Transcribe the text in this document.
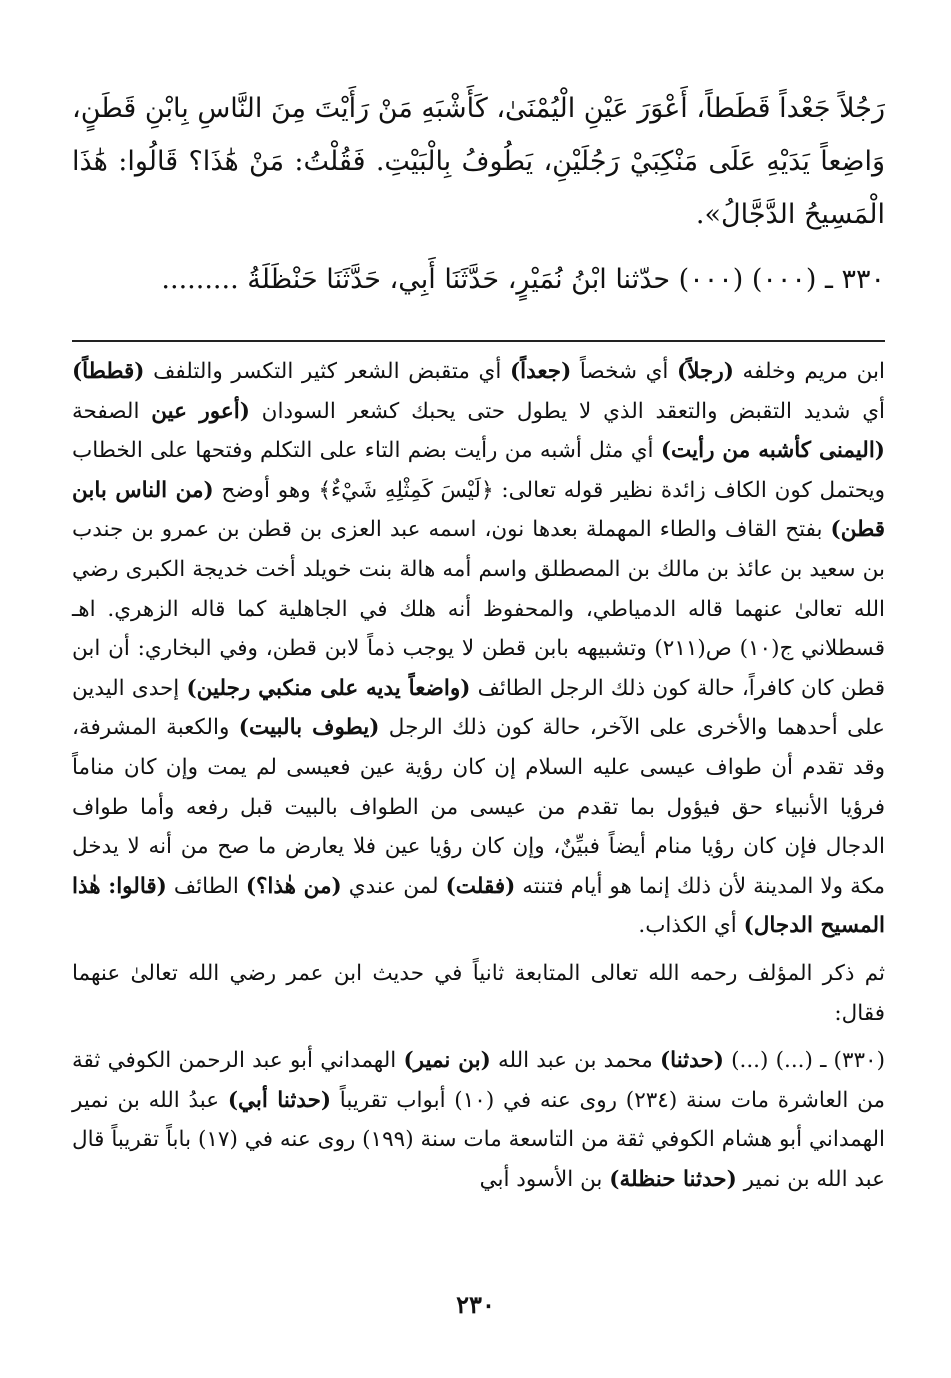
رَجُلاً جَعْداً قَطَطاً، أَعْوَرَ عَيْنِ الْيُمْنَىٰ، كَأَشْبَهِ مَنْ رَأَيْتَ مِنَ النَّاسِ بِابْنِ قَطَنٍ، وَاضِعاً يَدَيْهِ عَلَى مَنْكِبَيْ رَجُلَيْنِ، يَطُوفُ بِالْبَيْتِ. فَقُلْتُ: مَنْ هَٰذَا؟ قَالُوا: هَٰذَا الْمَسِيحُ الدَّجَّالُ».

٣٣٠ ـ (٠٠٠) (٠٠٠) حدّثنا ابْنُ نُمَيْرٍ، حَدَّثَنَا أَبِي، حَدَّثَنَا حَنْظَلَةُ .........

ابن مريم وخلفه (رجلاً) أي شخصاً (جعداً) أي متقبض الشعر كثير التكسر والتلفف (قططاً) أي شديد التقبض والتعقد الذي لا يطول حتى يحبك كشعر السودان (أعور عين الصفحة (اليمنى كأشبه من رأيت) أي مثل أشبه من رأيت بضم التاء على التكلم وفتحها على الخطاب ويحتمل كون الكاف زائدة نظير قوله تعالى: ﴿لَيْسَ كَمِثْلِهِ شَيْءٌ﴾ وهو أوضح (من الناس بابن قطن) بفتح القاف والطاء المهملة بعدها نون، اسمه عبد العزى بن قطن بن عمرو بن جندب بن سعيد بن عائذ بن مالك بن المصطلق واسم أمه هالة بنت خويلد أخت خديجة الكبرى رضي الله تعالىٰ عنهما قاله الدمياطي، والمحفوظ أنه هلك في الجاهلية كما قاله الزهري. اهـ قسطلاني ج(١٠) ص(٢١١) وتشبيهه بابن قطن لا يوجب ذماً لابن قطن، وفي البخاري: أن ابن قطن كان كافراً، حالة كون ذلك الرجل الطائف (واضعاً يديه على منكبي رجلين) إحدى اليدين على أحدهما والأخرى على الآخر، حالة كون ذلك الرجل (يطوف بالبيت) والكعبة المشرفة، وقد تقدم أن طواف عيسى عليه السلام إن كان رؤية عين فعيسى لم يمت وإن كان مناماً فرؤيا الأنبياء حق فيؤول بما تقدم من عيسى من الطواف بالبيت قبل رفعه وأما طواف الدجال فإن كان رؤيا منام أيضاً فبيِّنٌ، وإن كان رؤيا عين فلا يعارض ما صح من أنه لا يدخل مكة ولا المدينة لأن ذلك إنما هو أيام فتنته (فقلت) لمن عندي (من هٰذا؟) الطائف (قالوا: هٰذا المسيح الدجال) أي الكذاب.

ثم ذكر المؤلف رحمه الله تعالى المتابعة ثانياً في حديث ابن عمر رضي الله تعالىٰ عنهما فقال:

(٣٣٠) ـ (...) (...) (حدثنا) محمد بن عبد الله (بن نمير) الهمداني أبو عبد الرحمن الكوفي ثقة من العاشرة مات سنة (٢٣٤) روى عنه في (١٠) أبواب تقريباً (حدثنا أبي) عبدُ الله بن نمير الهمداني أبو هشام الكوفي ثقة من التاسعة مات سنة (١٩٩) روى عنه في (١٧) باباً تقريباً قال عبد الله بن نمير (حدثنا حنظلة) بن الأسود أبي

٢٣٠
